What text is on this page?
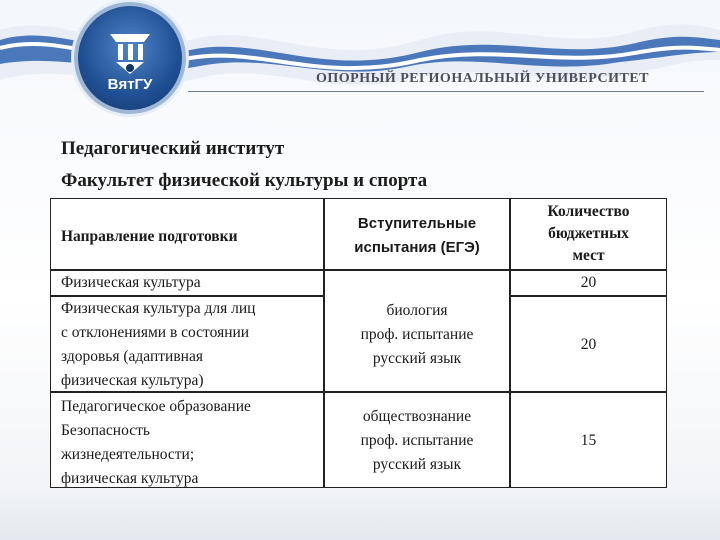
ВятГУ	ОПОРНЫЙ РЕГИОНАЛЬНЫЙ УНИВЕРСИТЕТ
Педагогический институт
Факультет физической культуры и спорта
Направление подготовки
Вступительные
испытания (ЕГЭ)
Количество
бюджетных
мест
Физическая культура
биология
проф. испытание
русский язык
20
Физическая культура для лиц
с отклонениями в состоянии
здоровья (адаптивная
физическая культура)
20
Педагогическое образование
Безопасность
жизнедеятельности;
физическая культура
обществознание
проф. испытание
русский язык
15
